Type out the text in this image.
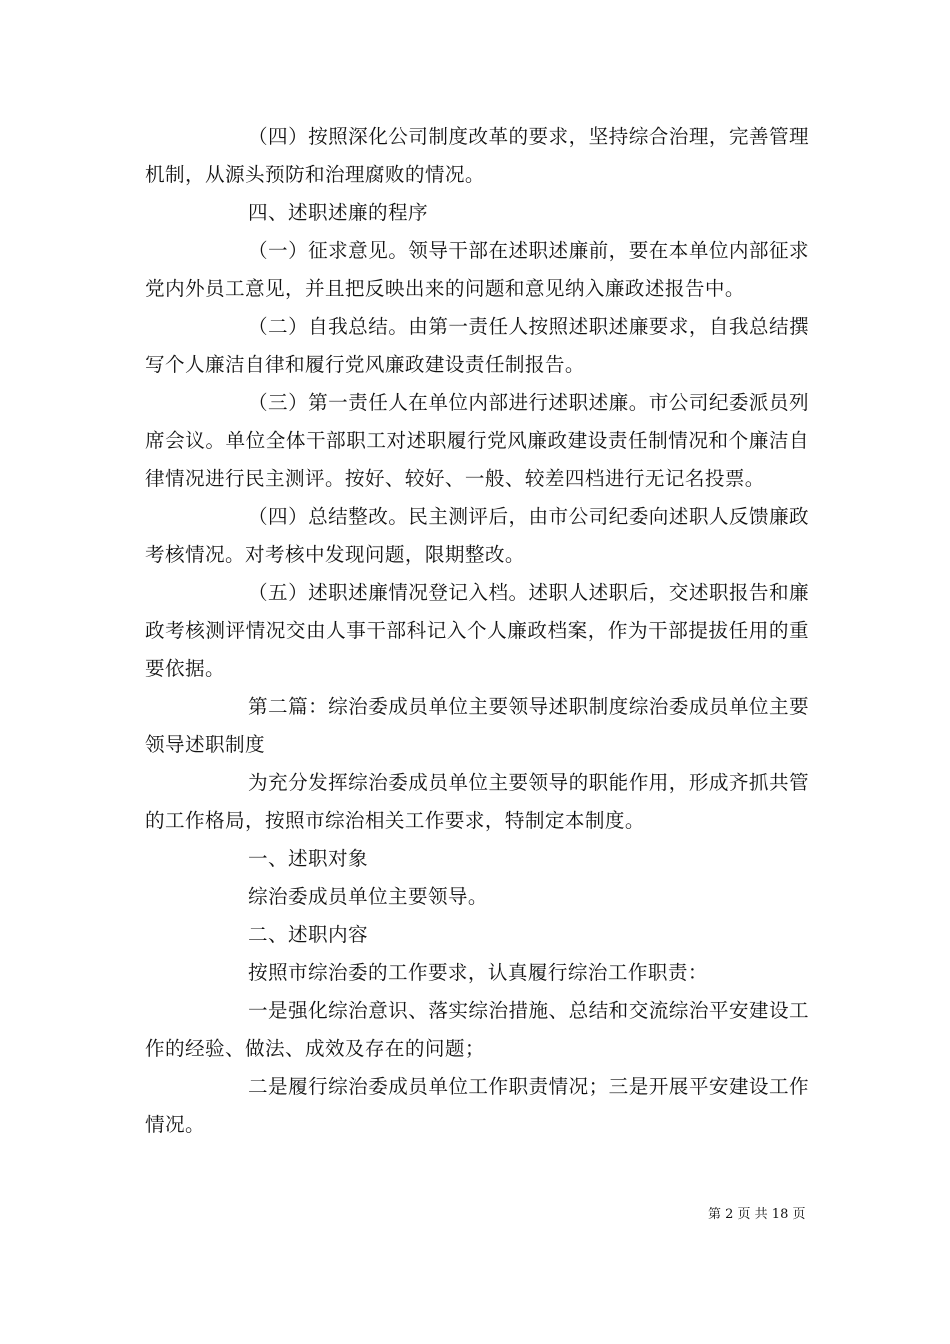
（四）按照深化公司制度改革的要求，坚持综合治理，完善管理机制，从源头预防和治理腐败的情况。

四、述职述廉的程序

（一）征求意见。领导干部在述职述廉前，要在本单位内部征求党内外员工意见，并且把反映出来的问题和意见纳入廉政述报告中。

（二）自我总结。由第一责任人按照述职述廉要求，自我总结撰写个人廉洁自律和履行党风廉政建设责任制报告。

（三）第一责任人在单位内部进行述职述廉。市公司纪委派员列席会议。单位全体干部职工对述职履行党风廉政建设责任制情况和个廉洁自律情况进行民主测评。按好、较好、一般、较差四档进行无记名投票。

（四）总结整改。民主测评后，由市公司纪委向述职人反馈廉政考核情况。对考核中发现问题，限期整改。

（五）述职述廉情况登记入档。述职人述职后，交述职报告和廉政考核测评情况交由人事干部科记入个人廉政档案，作为干部提拔任用的重要依据。

第二篇：综治委成员单位主要领导述职制度综治委成员单位主要领导述职制度

为充分发挥综治委成员单位主要领导的职能作用，形成齐抓共管的工作格局，按照市综治相关工作要求，特制定本制度。

一、述职对象

综治委成员单位主要领导。

二、述职内容

按照市综治委的工作要求，认真履行综治工作职责：

一是强化综治意识、落实综治措施、总结和交流综治平安建设工作的经验、做法、成效及存在的问题；

二是履行综治委成员单位工作职责情况；三是开展平安建设工作情况。

第 2 页 共 18 页
